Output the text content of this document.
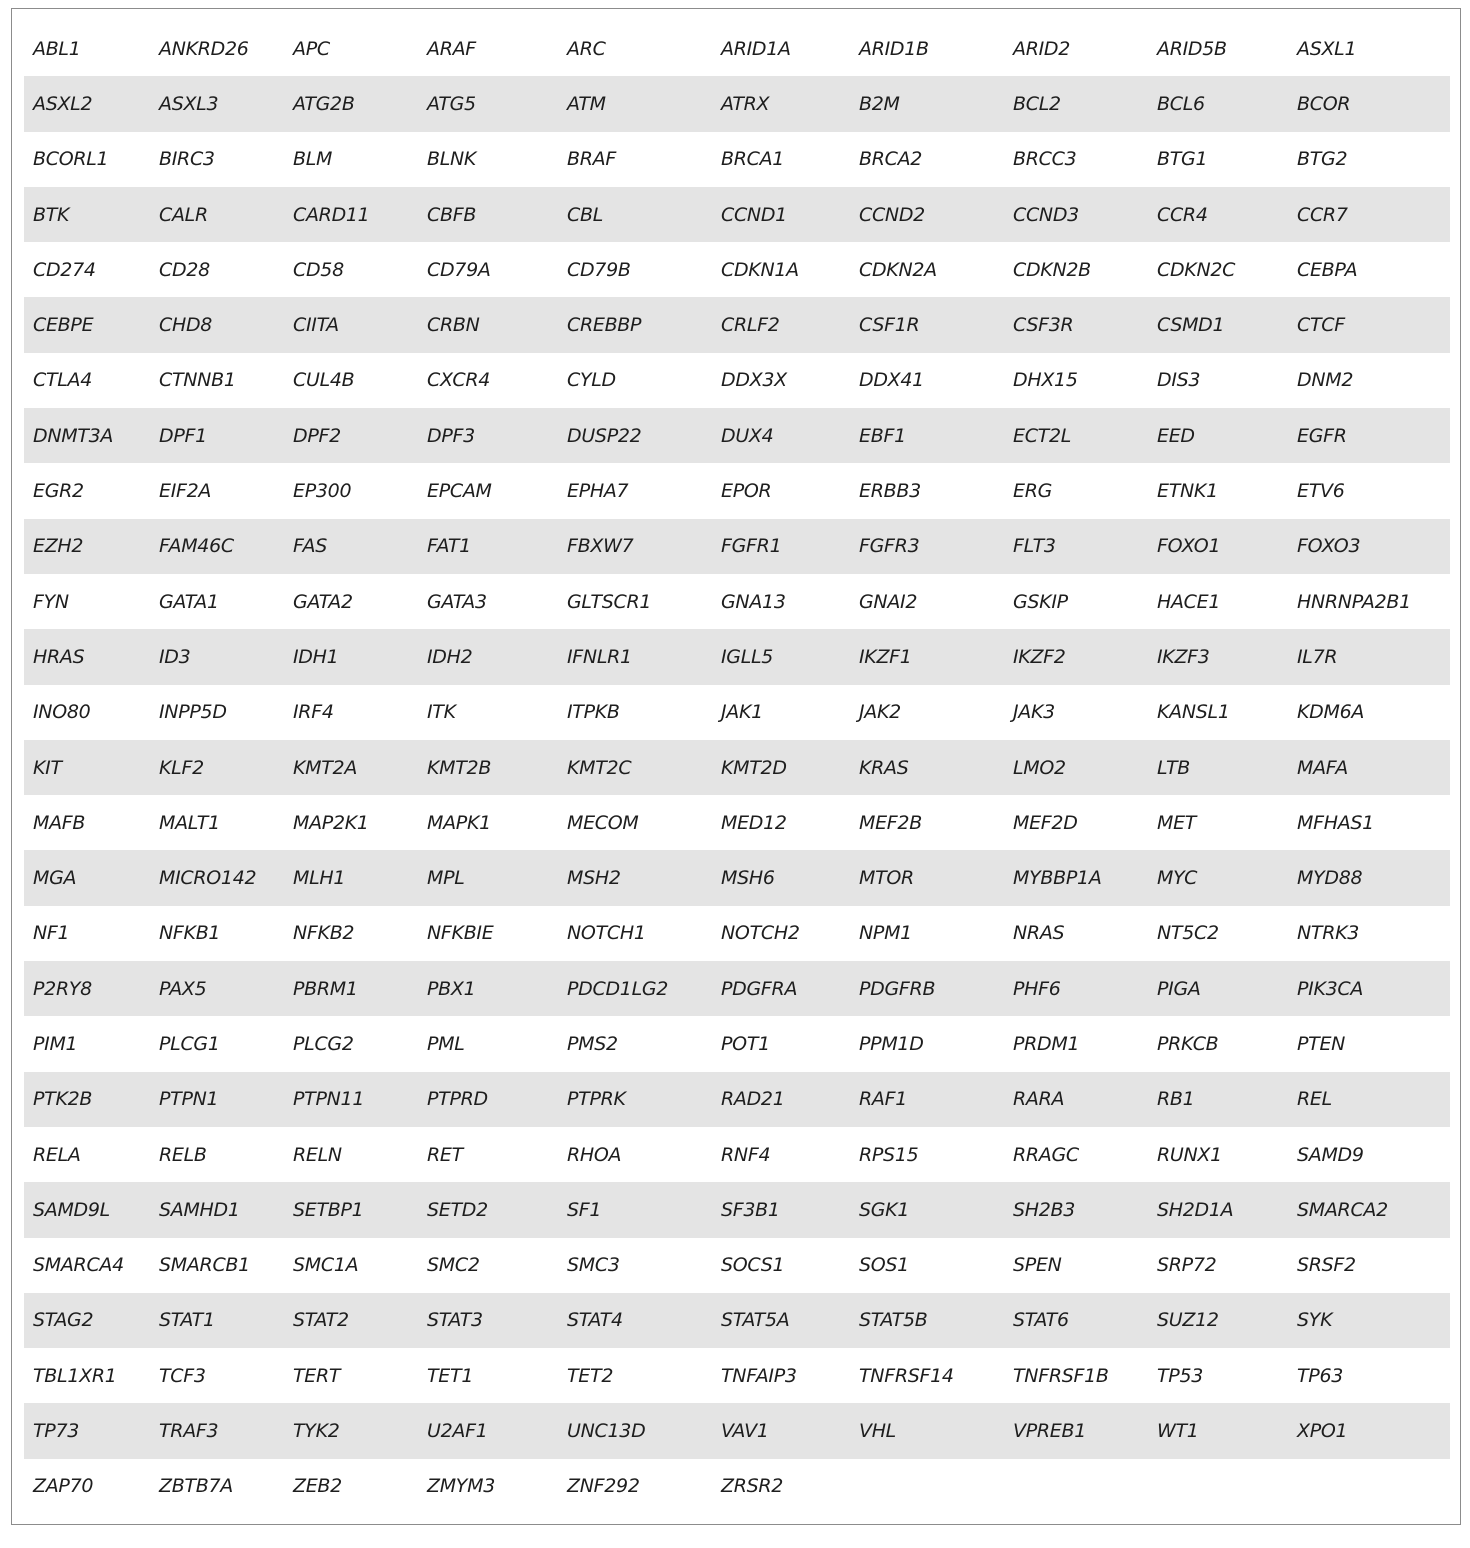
ABL1	ANKRD26	APC	ARAF	ARC	ARID1A	ARID1B	ARID2	ARID5B	ASXL1
ASXL2	ASXL3	ATG2B	ATG5	ATM	ATRX	B2M	BCL2	BCL6	BCOR
BCORL1	BIRC3	BLM	BLNK	BRAF	BRCA1	BRCA2	BRCC3	BTG1	BTG2
BTK	CALR	CARD11	CBFB	CBL	CCND1	CCND2	CCND3	CCR4	CCR7
CD274	CD28	CD58	CD79A	CD79B	CDKN1A	CDKN2A	CDKN2B	CDKN2C	CEBPA
CEBPE	CHD8	CIITA	CRBN	CREBBP	CRLF2	CSF1R	CSF3R	CSMD1	CTCF
CTLA4	CTNNB1	CUL4B	CXCR4	CYLD	DDX3X	DDX41	DHX15	DIS3	DNM2
DNMT3A	DPF1	DPF2	DPF3	DUSP22	DUX4	EBF1	ECT2L	EED	EGFR
EGR2	EIF2A	EP300	EPCAM	EPHA7	EPOR	ERBB3	ERG	ETNK1	ETV6
EZH2	FAM46C	FAS	FAT1	FBXW7	FGFR1	FGFR3	FLT3	FOXO1	FOXO3
FYN	GATA1	GATA2	GATA3	GLTSCR1	GNA13	GNAI2	GSKIP	HACE1	HNRNPA2B1
HRAS	ID3	IDH1	IDH2	IFNLR1	IGLL5	IKZF1	IKZF2	IKZF3	IL7R
INO80	INPP5D	IRF4	ITK	ITPKB	JAK1	JAK2	JAK3	KANSL1	KDM6A
KIT	KLF2	KMT2A	KMT2B	KMT2C	KMT2D	KRAS	LMO2	LTB	MAFA
MAFB	MALT1	MAP2K1	MAPK1	MECOM	MED12	MEF2B	MEF2D	MET	MFHAS1
MGA	MICRO142	MLH1	MPL	MSH2	MSH6	MTOR	MYBBP1A	MYC	MYD88
NF1	NFKB1	NFKB2	NFKBIE	NOTCH1	NOTCH2	NPM1	NRAS	NT5C2	NTRK3
P2RY8	PAX5	PBRM1	PBX1	PDCD1LG2	PDGFRA	PDGFRB	PHF6	PIGA	PIK3CA
PIM1	PLCG1	PLCG2	PML	PMS2	POT1	PPM1D	PRDM1	PRKCB	PTEN
PTK2B	PTPN1	PTPN11	PTPRD	PTPRK	RAD21	RAF1	RARA	RB1	REL
RELA	RELB	RELN	RET	RHOA	RNF4	RPS15	RRAGC	RUNX1	SAMD9
SAMD9L	SAMHD1	SETBP1	SETD2	SF1	SF3B1	SGK1	SH2B3	SH2D1A	SMARCA2
SMARCA4	SMARCB1	SMC1A	SMC2	SMC3	SOCS1	SOS1	SPEN	SRP72	SRSF2
STAG2	STAT1	STAT2	STAT3	STAT4	STAT5A	STAT5B	STAT6	SUZ12	SYK
TBL1XR1	TCF3	TERT	TET1	TET2	TNFAIP3	TNFRSF14	TNFRSF1B	TP53	TP63
TP73	TRAF3	TYK2	U2AF1	UNC13D	VAV1	VHL	VPREB1	WT1	XPO1
ZAP70	ZBTB7A	ZEB2	ZMYM3	ZNF292	ZRSR2				
